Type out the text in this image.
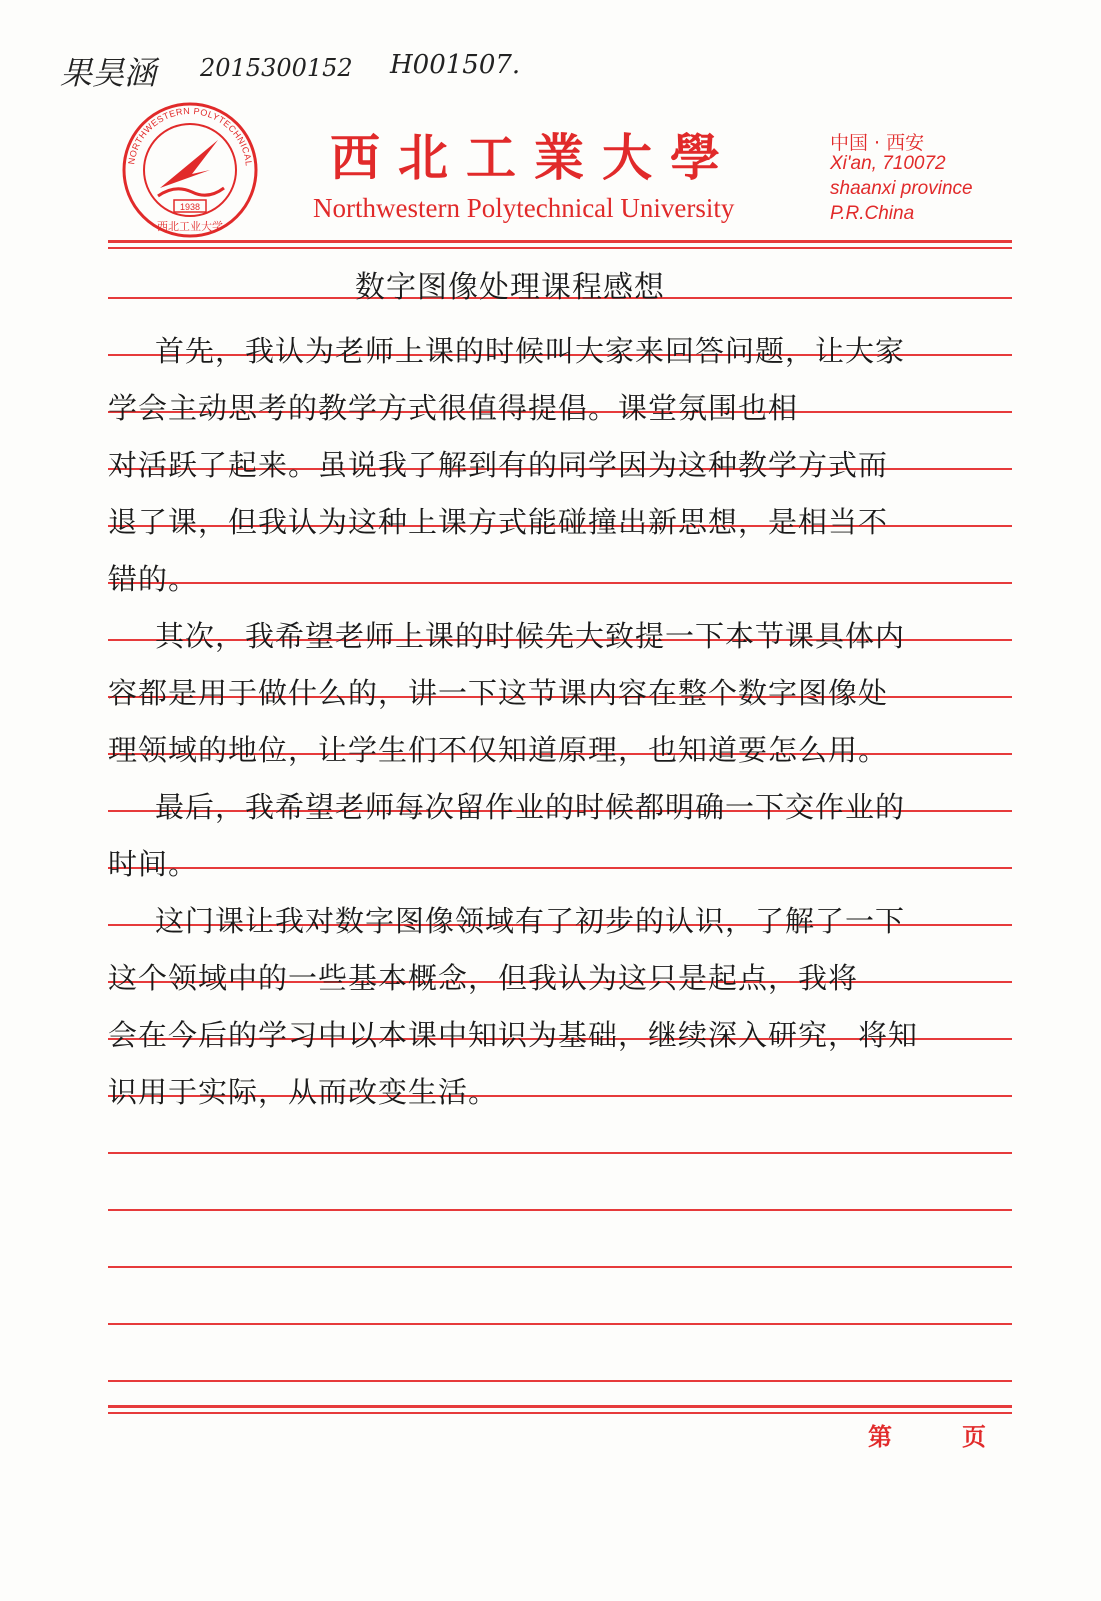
果昊涵 2015300152 H001507.
NORTHWESTERN POLYTECHNICAL
1938
西北工业大学
西北工業大學
Northwestern Polytechnical University
中国 · 西安
Xi'an, 710072
shaanxi province
P.R.China
数字图像处理课程感想
首先，我认为老师上课的时候叫大家来回答问题，让大家
学会主动思考的教学方式很值得提倡。课堂氛围也相
对活跃了起来。虽说我了解到有的同学因为这种教学方式而
退了课，但我认为这种上课方式能碰撞出新思想，是相当不
错的。
其次，我希望老师上课的时候先大致提一下本节课具体内
容都是用于做什么的，讲一下这节课内容在整个数字图像处
理领域的地位，让学生们不仅知道原理，也知道要怎么用。
最后，我希望老师每次留作业的时候都明确一下交作业的
时间。
这门课让我对数字图像领域有了初步的认识，了解了一下
这个领域中的一些基本概念，但我认为这只是起点，我将
会在今后的学习中以本课中知识为基础，继续深入研究，将知
识用于实际，从而改变生活。
第	页
